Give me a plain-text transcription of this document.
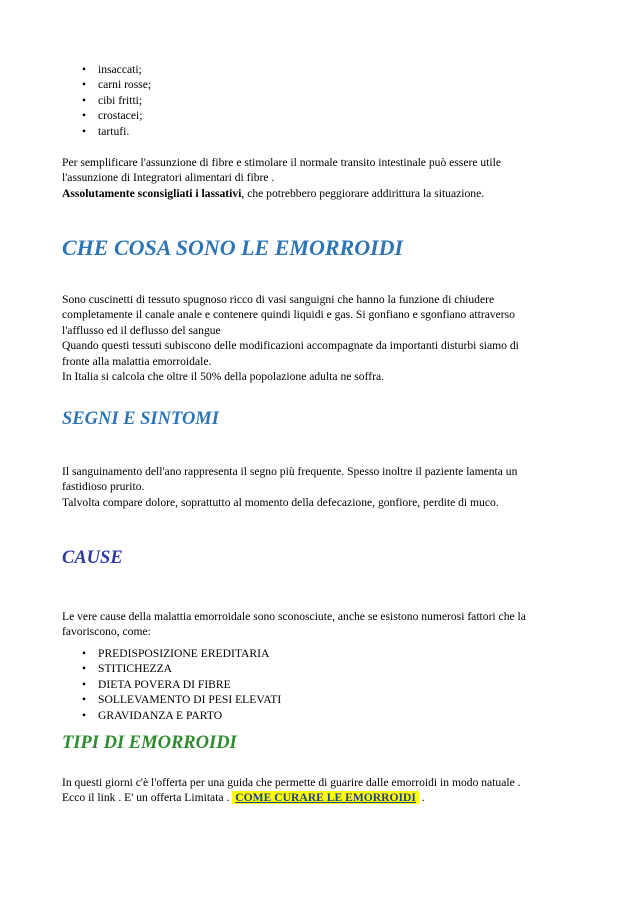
• insaccati;
• carni rosse;
• cibi fritti;
• crostacei;
• tartufi.

Per semplificare l'assunzione di fibre e stimolare il normale transito intestinale può essere utile
l'assunzione di Integratori alimentari di fibre .
Assolutamente sconsigliati i lassativi, che potrebbero peggiorare addirittura la situazione.

CHE COSA SONO LE EMORROIDI

Sono cuscinetti di tessuto spugnoso ricco di vasi sanguigni che hanno la funzione di chiudere
completamente il canale anale e contenere quindi liquidi e gas. Si gonfiano e sgonfiano attraverso
l'afflusso ed il deflusso del sangue
Quando questi tessuti subiscono delle modificazioni accompagnate da importanti disturbi siamo di
fronte alla malattia emorroidale.
In Italia si calcola che oltre il 50% della popolazione adulta ne soffra.

SEGNI E SINTOMI

Il sanguinamento dell'ano rappresenta il segno più frequente. Spesso inoltre il paziente lamenta un
fastidioso prurito.
Talvolta compare dolore, soprattutto al momento della defecazione, gonfiore, perdite di muco.

CAUSE

Le vere cause della malattia emorroidale sono sconosciute, anche se esistono numerosi fattori che la
favoriscono, come:

• PREDISPOSIZIONE EREDITARIA
• STITICHEZZA
• DIETA POVERA DI FIBRE
• SOLLEVAMENTO DI PESI ELEVATI
• GRAVIDANZA E PARTO
TIPI DI EMORROIDI

In questi giorni c'è l'offerta per una guida che permette di guarire dalle emorroidi in modo natuale .
Ecco il link . E' un offerta Limitata . COME CURARE LE EMORROIDI .
